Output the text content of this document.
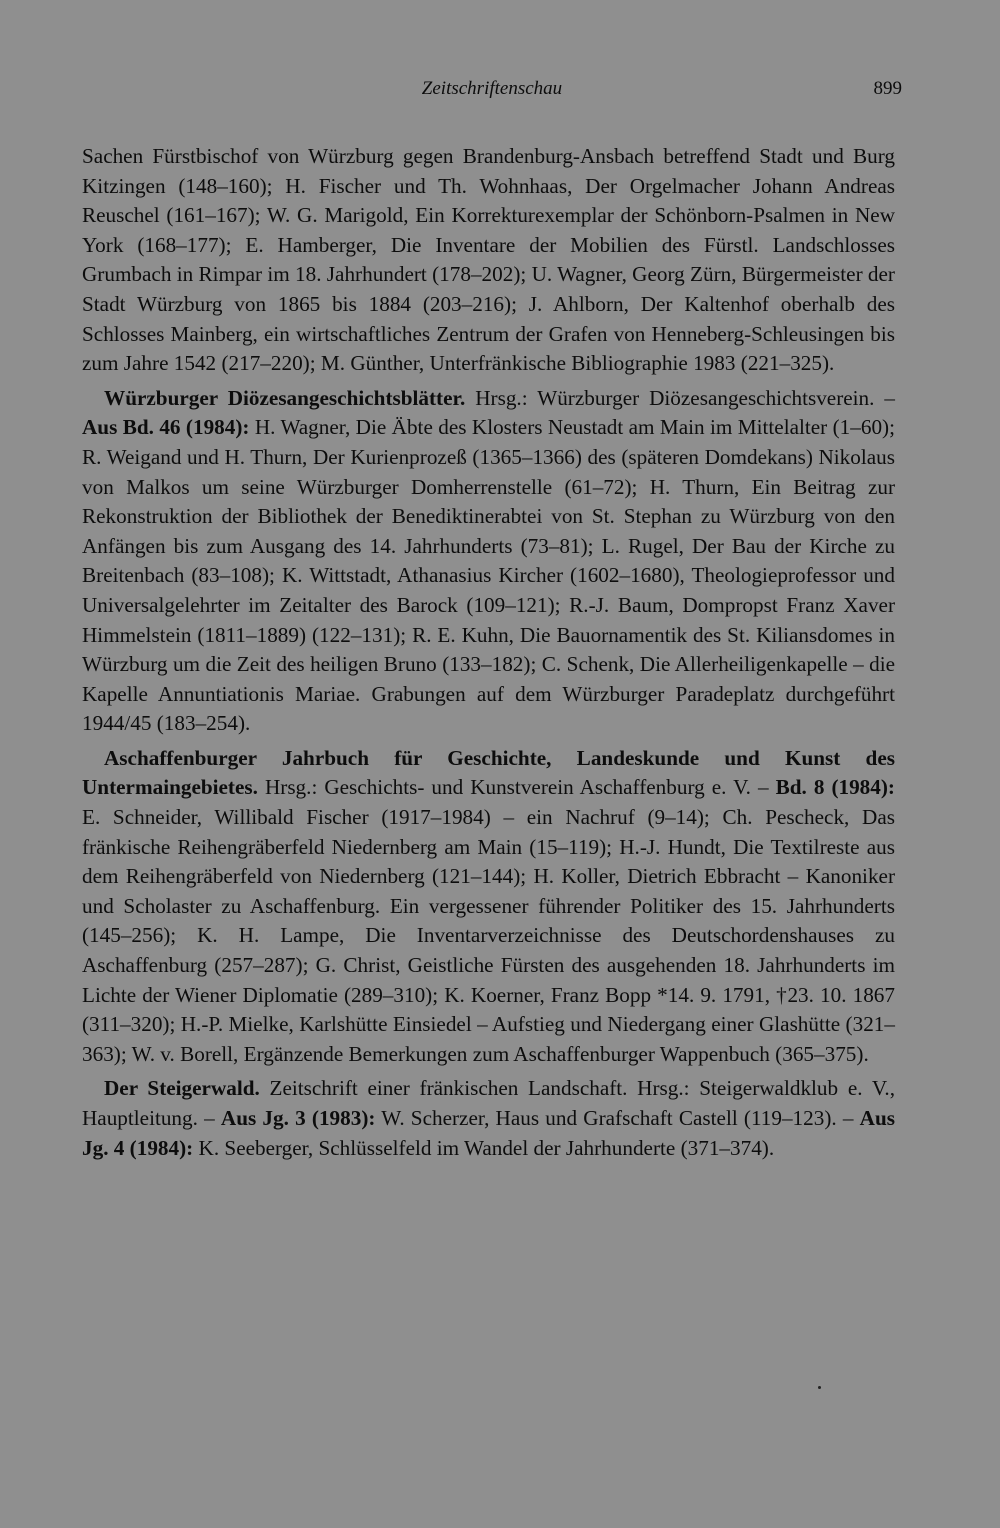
Zeitschriftenschau	899

Sachen Fürstbischof von Würzburg gegen Brandenburg-Ansbach betreffend Stadt und Burg Kitzingen (148–160); H. Fischer und Th. Wohnhaas, Der Orgelmacher Johann Andreas Reuschel (161–167); W. G. Marigold, Ein Korrekturexemplar der Schönborn-Psalmen in New York (168–177); E. Hamberger, Die Inventare der Mobilien des Fürstl. Landschlosses Grumbach in Rimpar im 18. Jahrhundert (178–202); U. Wagner, Georg Zürn, Bürgermeister der Stadt Würzburg von 1865 bis 1884 (203–216); J. Ahlborn, Der Kaltenhof oberhalb des Schlosses Mainberg, ein wirtschaftliches Zentrum der Grafen von Henneberg-Schleusingen bis zum Jahre 1542 (217–220); M. Günther, Unterfränkische Bibliographie 1983 (221–325).

Würzburger Diözesangeschichtsblätter. Hrsg.: Würzburger Diözesangeschichtsverein. – Aus Bd. 46 (1984): H. Wagner, Die Äbte des Klosters Neustadt am Main im Mittelalter (1–60); R. Weigand und H. Thurn, Der Kurienprozeß (1365–1366) des (späteren Domdekans) Nikolaus von Malkos um seine Würzburger Domherrenstelle (61–72); H. Thurn, Ein Beitrag zur Rekonstruktion der Bibliothek der Benediktinerabtei von St. Stephan zu Würzburg von den Anfängen bis zum Ausgang des 14. Jahrhunderts (73–81); L. Rugel, Der Bau der Kirche zu Breitenbach (83–108); K. Wittstadt, Athanasius Kircher (1602–1680), Theologieprofessor und Universalgelehrter im Zeitalter des Barock (109–121); R.-J. Baum, Dompropst Franz Xaver Himmelstein (1811–1889) (122–131); R. E. Kuhn, Die Bauornamentik des St. Kiliansdomes in Würzburg um die Zeit des heiligen Bruno (133–182); C. Schenk, Die Allerheiligenkapelle – die Kapelle Annuntiationis Mariae. Grabungen auf dem Würzburger Paradeplatz durchgeführt 1944/45 (183–254).

Aschaffenburger Jahrbuch für Geschichte, Landeskunde und Kunst des Untermaingebietes. Hrsg.: Geschichts- und Kunstverein Aschaffenburg e. V. – Bd. 8 (1984): E. Schneider, Willibald Fischer (1917–1984) – ein Nachruf (9–14); Ch. Pescheck, Das fränkische Reihengräberfeld Niedernberg am Main (15–119); H.-J. Hundt, Die Textilreste aus dem Reihengräberfeld von Niedernberg (121–144); H. Koller, Dietrich Ebbracht – Kanoniker und Scholaster zu Aschaffenburg. Ein vergessener führender Politiker des 15. Jahrhunderts (145–256); K. H. Lampe, Die Inventarverzeichnisse des Deutschordenshauses zu Aschaffenburg (257–287); G. Christ, Geistliche Fürsten des ausgehenden 18. Jahrhunderts im Lichte der Wiener Diplomatie (289–310); K. Koerner, Franz Bopp *14. 9. 1791, †23. 10. 1867 (311–320); H.-P. Mielke, Karlshütte Einsiedel – Aufstieg und Niedergang einer Glashütte (321–363); W. v. Borell, Ergänzende Bemerkungen zum Aschaffenburger Wappenbuch (365–375).

Der Steigerwald. Zeitschrift einer fränkischen Landschaft. Hrsg.: Steigerwaldklub e. V., Hauptleitung. – Aus Jg. 3 (1983): W. Scherzer, Haus und Grafschaft Castell (119–123). – Aus Jg. 4 (1984): K. Seeberger, Schlüsselfeld im Wandel der Jahrhunderte (371–374).
